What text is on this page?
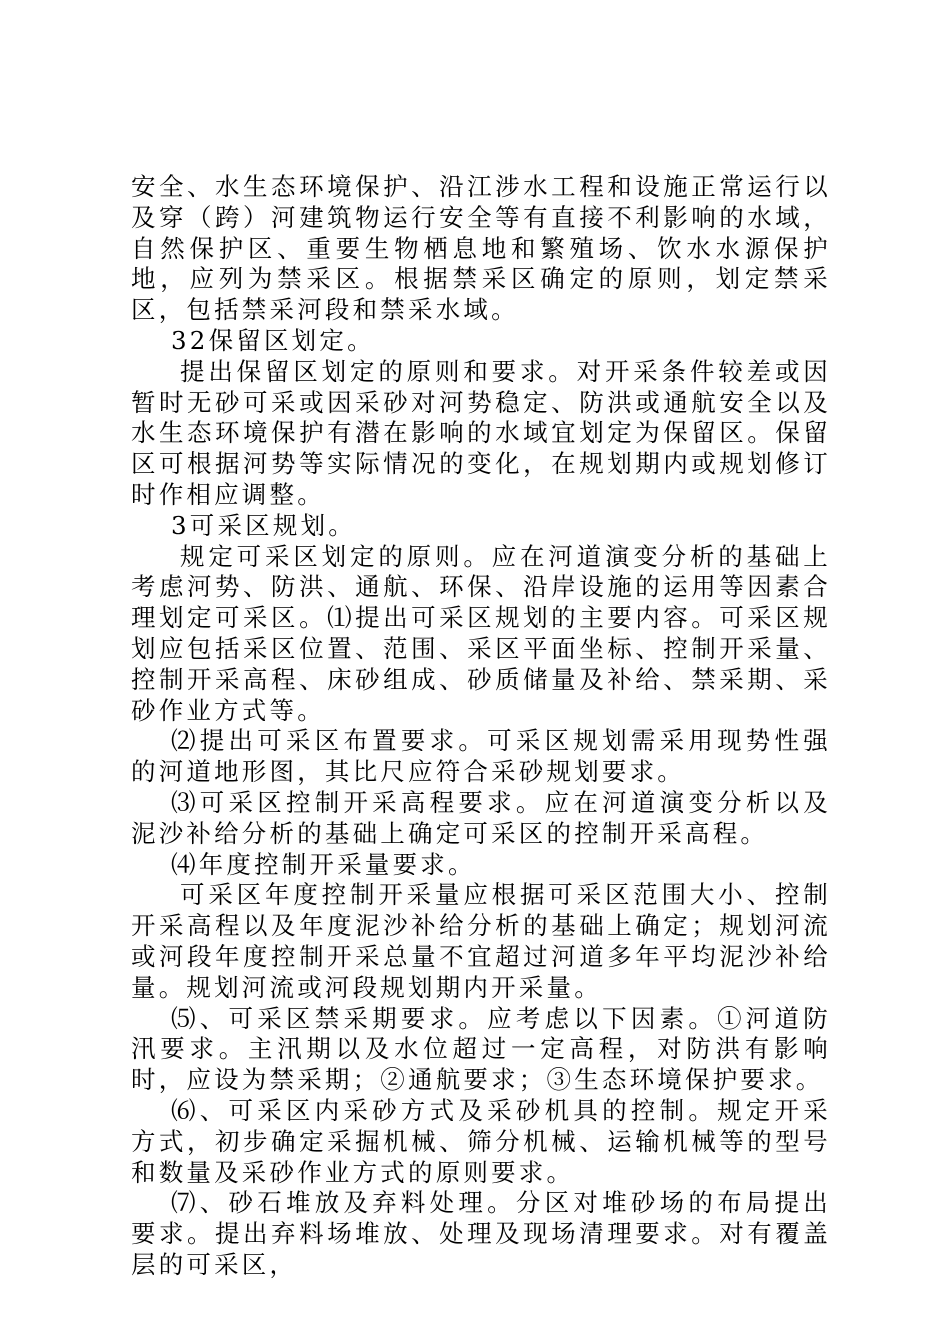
安全、水生态环境保护、沿江涉水工程和设施正常运行以及穿（跨）河建筑物运行安全等有直接不利影响的水域，自然保护区、重要生物栖息地和繁殖场、饮水水源保护地，应列为禁采区。根据禁采区确定的原则，划定禁采区，包括禁采河段和禁采水域。

32保留区划定。

提出保留区划定的原则和要求。对开采条件较差或因暂时无砂可采或因采砂对河势稳定、防洪或通航安全以及水生态环境保护有潜在影响的水域宜划定为保留区。保留区可根据河势等实际情况的变化，在规划期内或规划修订时作相应调整。

3可采区规划。

规定可采区划定的原则。应在河道演变分析的基础上考虑河势、防洪、通航、环保、沿岸设施的运用等因素合理划定可采区。⑴提出可采区规划的主要内容。可采区规划应包括采区位置、范围、采区平面坐标、控制开采量、控制开采高程、床砂组成、砂质储量及补给、禁采期、采砂作业方式等。

⑵提出可采区布置要求。可采区规划需采用现势性强的河道地形图，其比尺应符合采砂规划要求。

⑶可采区控制开采高程要求。应在河道演变分析以及泥沙补给分析的基础上确定可采区的控制开采高程。

⑷年度控制开采量要求。

可采区年度控制开采量应根据可采区范围大小、控制开采高程以及年度泥沙补给分析的基础上确定；规划河流或河段年度控制开采总量不宜超过河道多年平均泥沙补给量。规划河流或河段规划期内开采量。

⑸、可采区禁采期要求。应考虑以下因素。①河道防汛要求。主汛期以及水位超过一定高程，对防洪有影响时，应设为禁采期；②通航要求；③生态环境保护要求。

⑹、可采区内采砂方式及采砂机具的控制。规定开采方式，初步确定采掘机械、筛分机械、运输机械等的型号和数量及采砂作业方式的原则要求。

⑺、砂石堆放及弃料处理。分区对堆砂场的布局提出要求。提出弃料场堆放、处理及现场清理要求。对有覆盖层的可采区，
